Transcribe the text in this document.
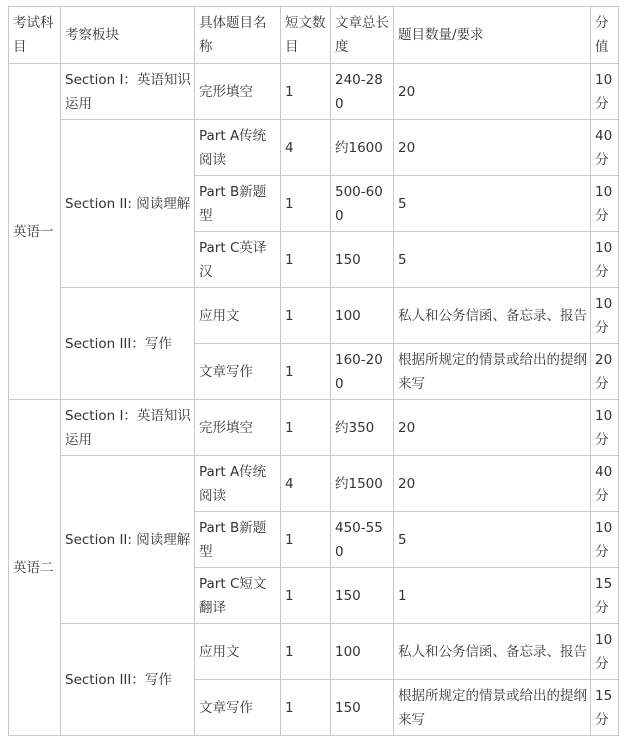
考试科目	考察板块	具体题目名称	短文数目	文章总长度	题目数量/要求	分值
英语一	Section I：英语知识运用	完形填空	1	240-280	20	10分
	Section II: 阅读理解	Part A传统阅读	4	约1600	20	40分
		Part B新题型	1	500-600	5	10分
		Part C英译汉	1	150	5	10分
	Section III：写作	应用文	1	100	私人和公务信函、备忘录、报告	10分
		文章写作	1	160-200	根据所规定的情景或给出的提纲来写	20分
英语二	Section I：英语知识运用	完形填空	1	约350	20	10分
	Section II: 阅读理解	Part A传统阅读	4	约1500	20	40分
		Part B新题型	1	450-550	5	10分
		Part C短文翻译	1	150	1	15分
	Section III：写作	应用文	1	100	私人和公务信函、备忘录、报告	10分
		文章写作	1	150	根据所规定的情景或给出的提纲来写	15分
